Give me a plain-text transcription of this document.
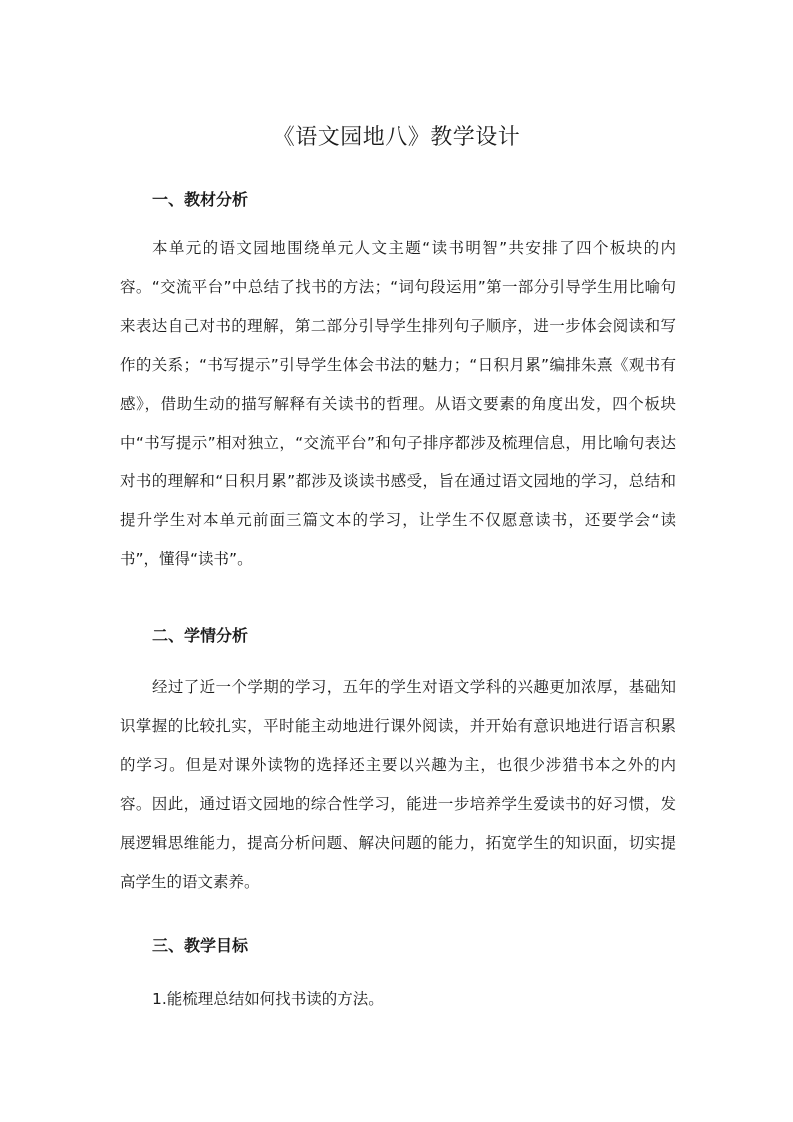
《语文园地八》教学设计
一、教材分析

本单元的语文园地围绕单元人文主题“读书明智”共安排了四个板块的内容。“交流平台”中总结了找书的方法；“词句段运用”第一部分引导学生用比喻句来表达自己对书的理解，第二部分引导学生排列句子顺序，进一步体会阅读和写作的关系；“书写提示”引导学生体会书法的魅力；“日积月累”编排朱熹《观书有感》，借助生动的描写解释有关读书的哲理。从语文要素的角度出发，四个板块中“书写提示”相对独立，“交流平台”和句子排序都涉及梳理信息，用比喻句表达对书的理解和“日积月累”都涉及谈读书感受，旨在通过语文园地的学习，总结和提升学生对本单元前面三篇文本的学习，让学生不仅愿意读书，还要学会“读书”，懂得“读书”。

二、学情分析

经过了近一个学期的学习，五年的学生对语文学科的兴趣更加浓厚，基础知识掌握的比较扎实，平时能主动地进行课外阅读，并开始有意识地进行语言积累的学习。但是对课外读物的选择还主要以兴趣为主，也很少涉猎书本之外的内容。因此，通过语文园地的综合性学习，能进一步培养学生爱读书的好习惯，发展逻辑思维能力，提高分析问题、解决问题的能力，拓宽学生的知识面，切实提高学生的语文素养。

三、教学目标

1.能梳理总结如何找书读的方法。
